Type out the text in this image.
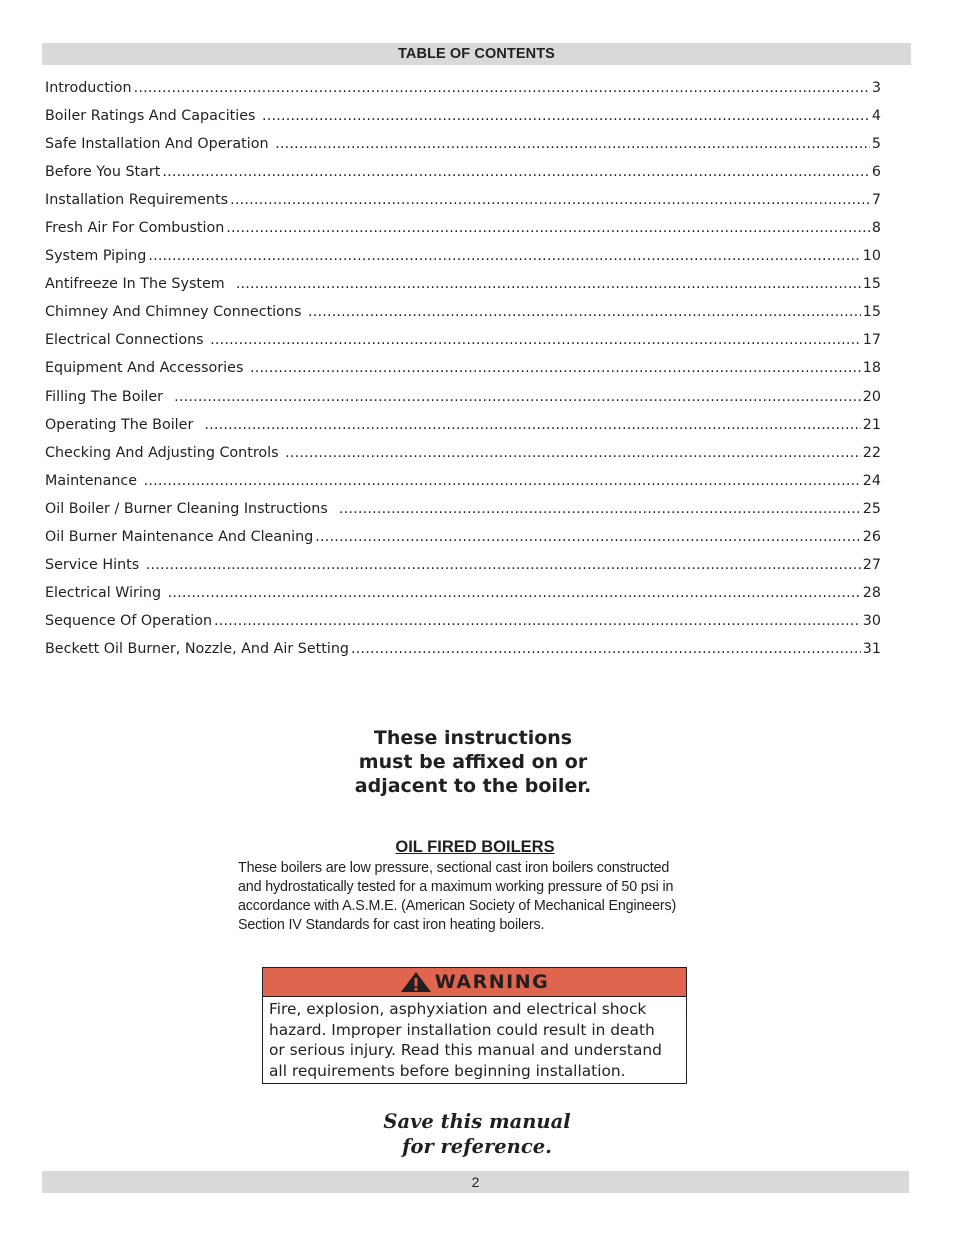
TABLE OF CONTENTS
Introduction .....	3
Boiler Ratings And Capacities .....	4
Safe Installation And Operation .....	5
Before You Start .....	6
Installation Requirements .....	7
Fresh Air For Combustion .....	8
System Piping .....	10
Antifreeze In The System .....	15
Chimney And Chimney Connections .....	15
Electrical Connections .....	17
Equipment And Accessories .....	18
Filling The Boiler .....	20
Operating The Boiler .....	21
Checking And Adjusting Controls .....	22
Maintenance .....	24
Oil Boiler / Burner Cleaning Instructions .....	25
Oil Burner Maintenance And Cleaning .....	26
Service Hints .....	27
Electrical Wiring .....	28
Sequence Of Operation .....	30
Beckett Oil Burner, Nozzle, And Air Setting .....	31
These instructions
must be affixed on or
adjacent to the boiler.
OIL FIRED BOILERS
These boilers are low pressure, sectional cast iron boilers constructed
and hydrostatically tested for a maximum working pressure of 50 psi in
accordance with A.S.M.E. (American Society of Mechanical Engineers)
Section IV Standards for cast iron heating boilers.
WARNING
Fire, explosion, asphyxiation and electrical shock
hazard. Improper installation could result in death
or serious injury. Read this manual and understand
all requirements before beginning installation.
Save this manual
for reference.
2
